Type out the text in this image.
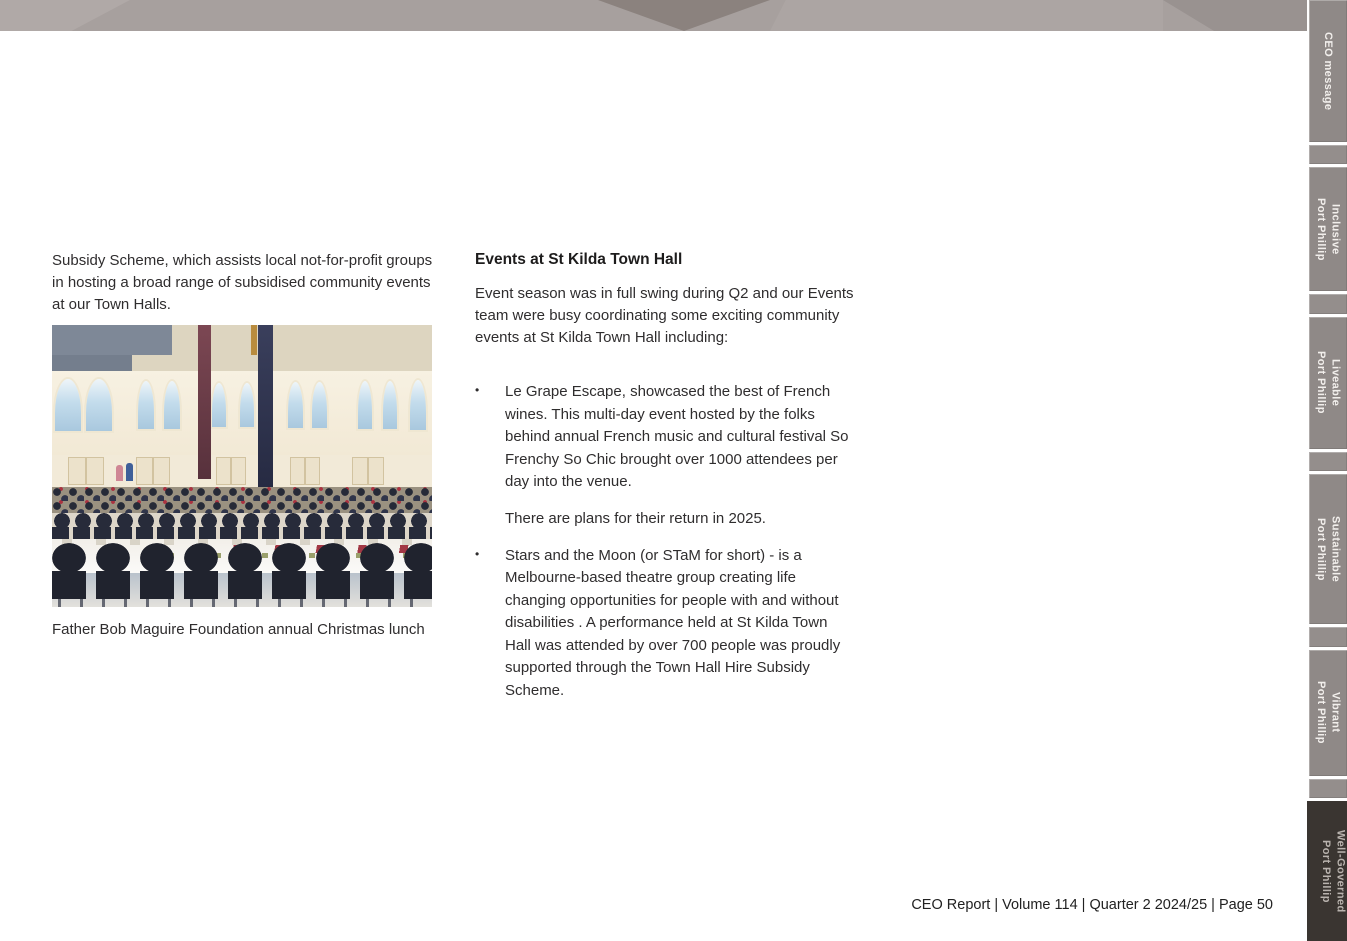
Subsidy Scheme, which assists local not-for-profit groups in hosting a broad range of subsidised community events at our Town Halls.
Father Bob Maguire Foundation annual Christmas lunch
Events at St Kilda Town Hall
Event season was in full swing during Q2 and our Events team were busy coordinating some exciting community events at St Kilda Town Hall including:
•	Le Grape Escape, showcased the best of French wines. This multi-day event hosted by the folks behind annual French music and cultural festival So Frenchy So Chic brought over 1000 attendees per day into the venue.
There are plans for their return in 2025.
•	Stars and the Moon (or STaM for short) - is a Melbourne-based theatre group creating life changing opportunities for people with and without disabilities . A performance held at St Kilda Town Hall was attended by over 700 people was proudly supported through the Town Hall Hire Subsidy Scheme.
CEO Report | Volume 114 | Quarter 2 2024/25 | Page 50
CEO message
Inclusive
Port Phillip
Liveable
Port Phillip
Sustainable
Port Phillip
Vibrant
Port Phillip
Well-Governed
Port Phillip
